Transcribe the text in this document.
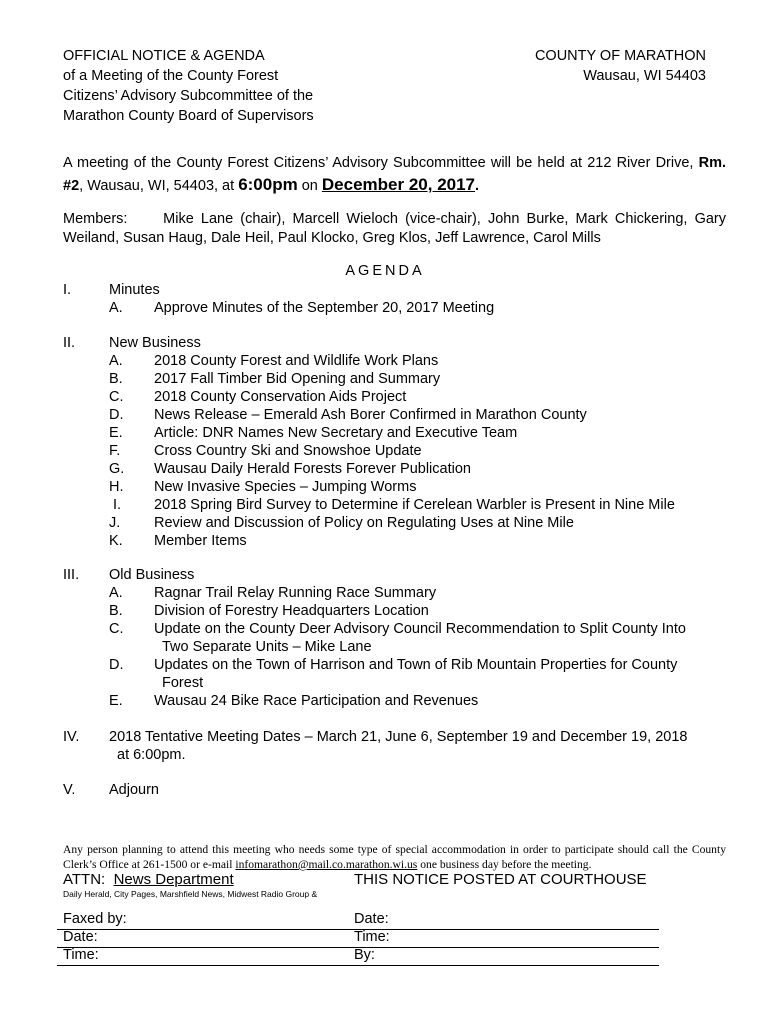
OFFICIAL NOTICE & AGENDA
of a Meeting of the County Forest
Citizens’ Advisory Subcommittee of the
Marathon County Board of Supervisors
COUNTY OF MARATHON
Wausau, WI 54403
A meeting of the County Forest Citizens’ Advisory Subcommittee will be held at 212 River Drive, Rm. #2, Wausau, WI, 54403, at 6:00pm on December 20, 2017.
Members: Mike Lane (chair), Marcell Wieloch (vice-chair), John Burke, Mark Chickering, Gary Weiland, Susan Haug, Dale Heil, Paul Klocko, Greg Klos, Jeff Lawrence, Carol Mills
AGENDA
I.	Minutes
A. Approve Minutes of the September 20, 2017 Meeting
II. New Business
A. 2018 County Forest and Wildlife Work Plans
B. 2017 Fall Timber Bid Opening and Summary
C. 2018 County Conservation Aids Project
D. News Release – Emerald Ash Borer Confirmed in Marathon County
E. Article: DNR Names New Secretary and Executive Team
F. Cross Country Ski and Snowshoe Update
G. Wausau Daily Herald Forests Forever Publication
H. New Invasive Species – Jumping Worms
I. 2018 Spring Bird Survey to Determine if Cerelean Warbler is Present in Nine Mile
J. Review and Discussion of Policy on Regulating Uses at Nine Mile
K. Member Items
III. Old Business
A. Ragnar Trail Relay Running Race Summary
B. Division of Forestry Headquarters Location
C. Update on the County Deer Advisory Council Recommendation to Split County Into
Two Separate Units – Mike Lane
D. Updates on the Town of Harrison and Town of Rib Mountain Properties for County
Forest
E. Wausau 24 Bike Race Participation and Revenues
IV. 2018 Tentative Meeting Dates – March 21, June 6, September 19 and December 19, 2018
at 6:00pm.
V. Adjourn
Any person planning to attend this meeting who needs some type of special accommodation in order to participate should call the County Clerk’s Office at 261-1500 or e-mail infomarathon@mail.co.marathon.wi.us one business day before the meeting.
ATTN: News Department	THIS NOTICE POSTED AT COURTHOUSE
Daily Herald, City Pages, Marshfield News, Midwest Radio Group &
Faxed by:	Date:
Date:	Time:
Time:	By:
